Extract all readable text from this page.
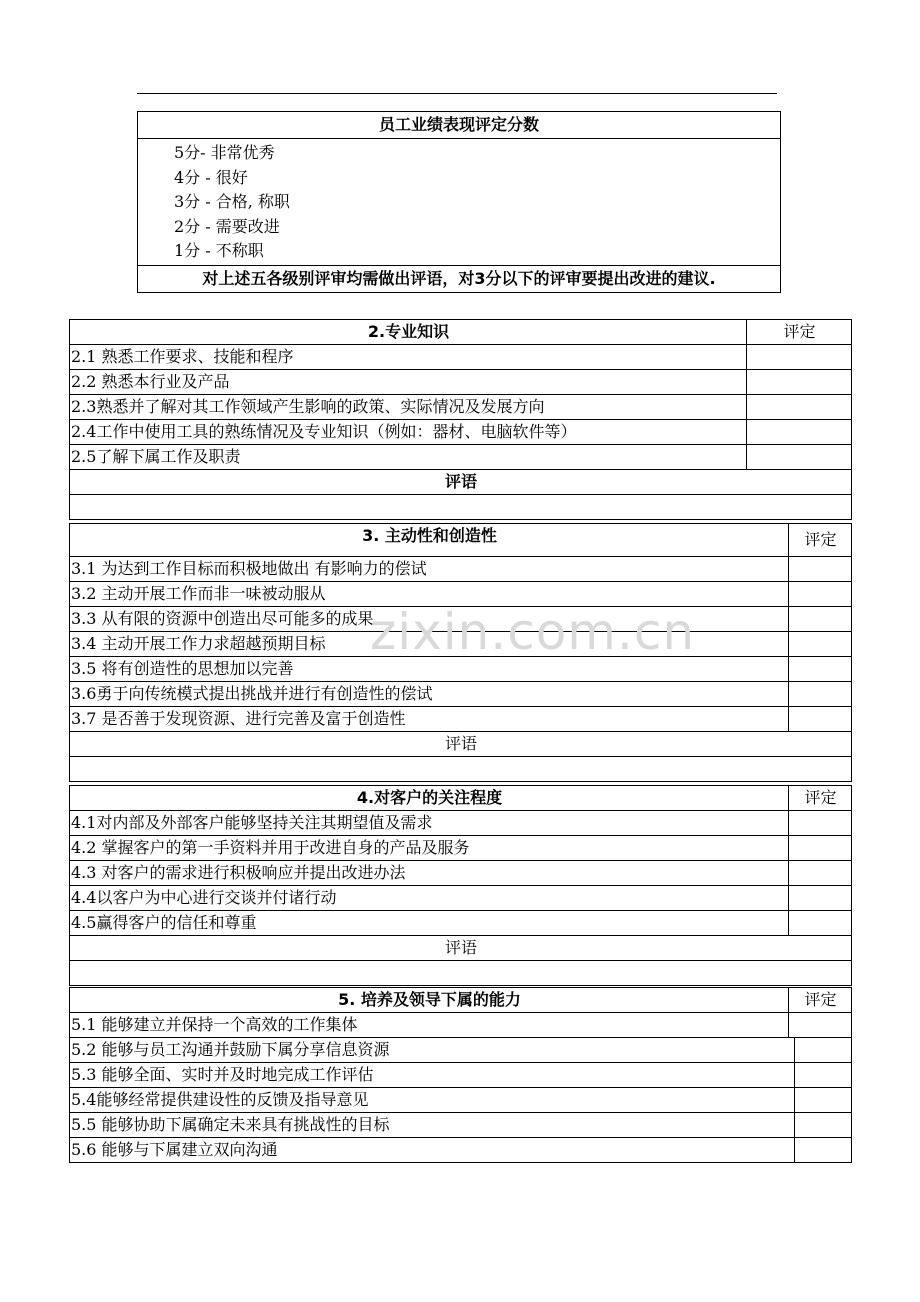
员工业绩表现评定分数
5分- 非常优秀
4分 - 很好
3分 - 合格, 称职
2分 - 需要改进
1分 - 不称职
对上述五各级别评审均需做出评语，对3分以下的评审要提出改进的建议.
2.专业知识	评定
2.1 熟悉工作要求、技能和程序	
2.2 熟悉本行业及产品	
2.3熟悉并了解对其工作领域产生影响的政策、实际情况及发展方向	
2.4工作中使用工具的熟练情况及专业知识（例如：器材、电脑软件等）	
2.5了解下属工作及职责	
评语	

3. 主动性和创造性	评定
3.1 为达到工作目标而积极地做出 有影响力的偿试	
3.2 主动开展工作而非一味被动服从	
3.3 从有限的资源中创造出尽可能多的成果	
3.4 主动开展工作力求超越预期目标	
3.5 将有创造性的思想加以完善	
3.6勇于向传统模式提出挑战并进行有创造性的偿试	
3.7 是否善于发现资源、进行完善及富于创造性	
评语	

4.对客户的关注程度	评定
4.1对内部及外部客户能够坚持关注其期望值及需求	
4.2 掌握客户的第一手资料并用于改进自身的产品及服务	
4.3 对客户的需求进行积极响应并提出改进办法	
4.4以客户为中心进行交谈并付诸行动	
4.5赢得客户的信任和尊重	
评语	

5. 培养及领导下属的能力	评定	
5.1 能够建立并保持一个高效的工作集体		
5.2 能够与员工沟通并鼓励下属分享信息资源		
5.3 能够全面、实时并及时地完成工作评估		
5.4能够经常提供建设性的反馈及指导意见		
5.5 能够协助下属确定未来具有挑战性的目标		
5.6 能够与下属建立双向沟通		
zixin.com.cn
